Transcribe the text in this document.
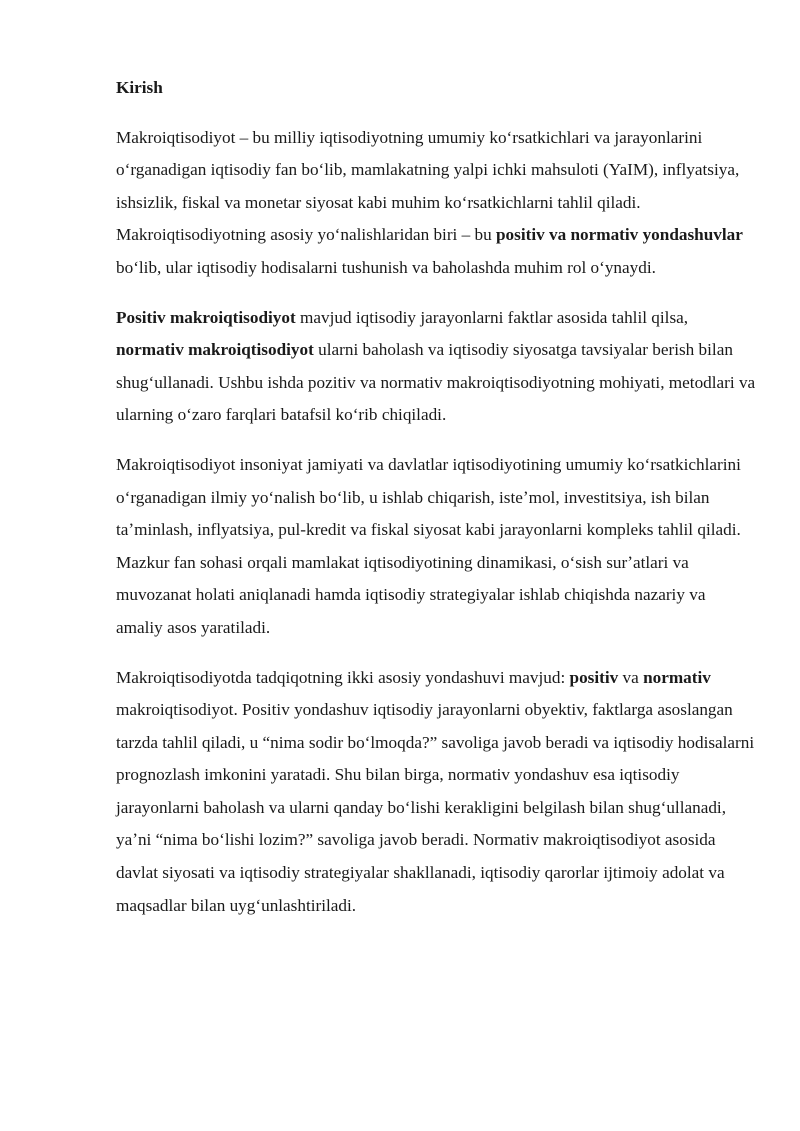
Kirish

Makroiqtisodiyot – bu milliy iqtisodiyotning umumiy koʻrsatkichlari va jarayonlarini oʻrganadigan iqtisodiy fan boʻlib, mamlakatning yalpi ichki mahsuloti (YaIM), inflyatsiya, ishsizlik, fiskal va monetar siyosat kabi muhim koʻrsatkichlarni tahlil qiladi. Makroiqtisodiyotning asosiy yoʻnalishlaridan biri – bu positiv va normativ yondashuvlar boʻlib, ular iqtisodiy hodisalarni tushunish va baholashda muhim rol oʻynaydi.

Positiv makroiqtisodiyot mavjud iqtisodiy jarayonlarni faktlar asosida tahlil qilsa, normativ makroiqtisodiyot ularni baholash va iqtisodiy siyosatga tavsiyalar berish bilan shugʻullanadi. Ushbu ishda pozitiv va normativ makroiqtisodiyotning mohiyati, metodlari va ularning oʻzaro farqlari batafsil koʻrib chiqiladi.

Makroiqtisodiyot insoniyat jamiyati va davlatlar iqtisodiyotining umumiy koʻrsatkichlarini oʻrganadigan ilmiy yoʻnalish boʻlib, u ishlab chiqarish, isteʼmol, investitsiya, ish bilan taʼminlash, inflyatsiya, pul-kredit va fiskal siyosat kabi jarayonlarni kompleks tahlil qiladi. Mazkur fan sohasi orqali mamlakat iqtisodiyotining dinamikasi, oʻsish surʼatlari va muvozanat holati aniqlanadi hamda iqtisodiy strategiyalar ishlab chiqishda nazariy va amaliy asos yaratiladi.

Makroiqtisodiyotda tadqiqotning ikki asosiy yondashuvi mavjud: positiv va normativ makroiqtisodiyot. Positiv yondashuv iqtisodiy jarayonlarni obyektiv, faktlarga asoslangan tarzda tahlil qiladi, u “nima sodir boʻlmoqda?” savoliga javob beradi va iqtisodiy hodisalarni prognozlash imkonini yaratadi. Shu bilan birga, normativ yondashuv esa iqtisodiy jarayonlarni baholash va ularni qanday boʻlishi kerakligini belgilash bilan shugʻullanadi, yaʼni “nima boʻlishi lozim?” savoliga javob beradi. Normativ makroiqtisodiyot asosida davlat siyosati va iqtisodiy strategiyalar shakllanadi, iqtisodiy qarorlar ijtimoiy adolat va maqsadlar bilan uygʻunlashtiriladi.
